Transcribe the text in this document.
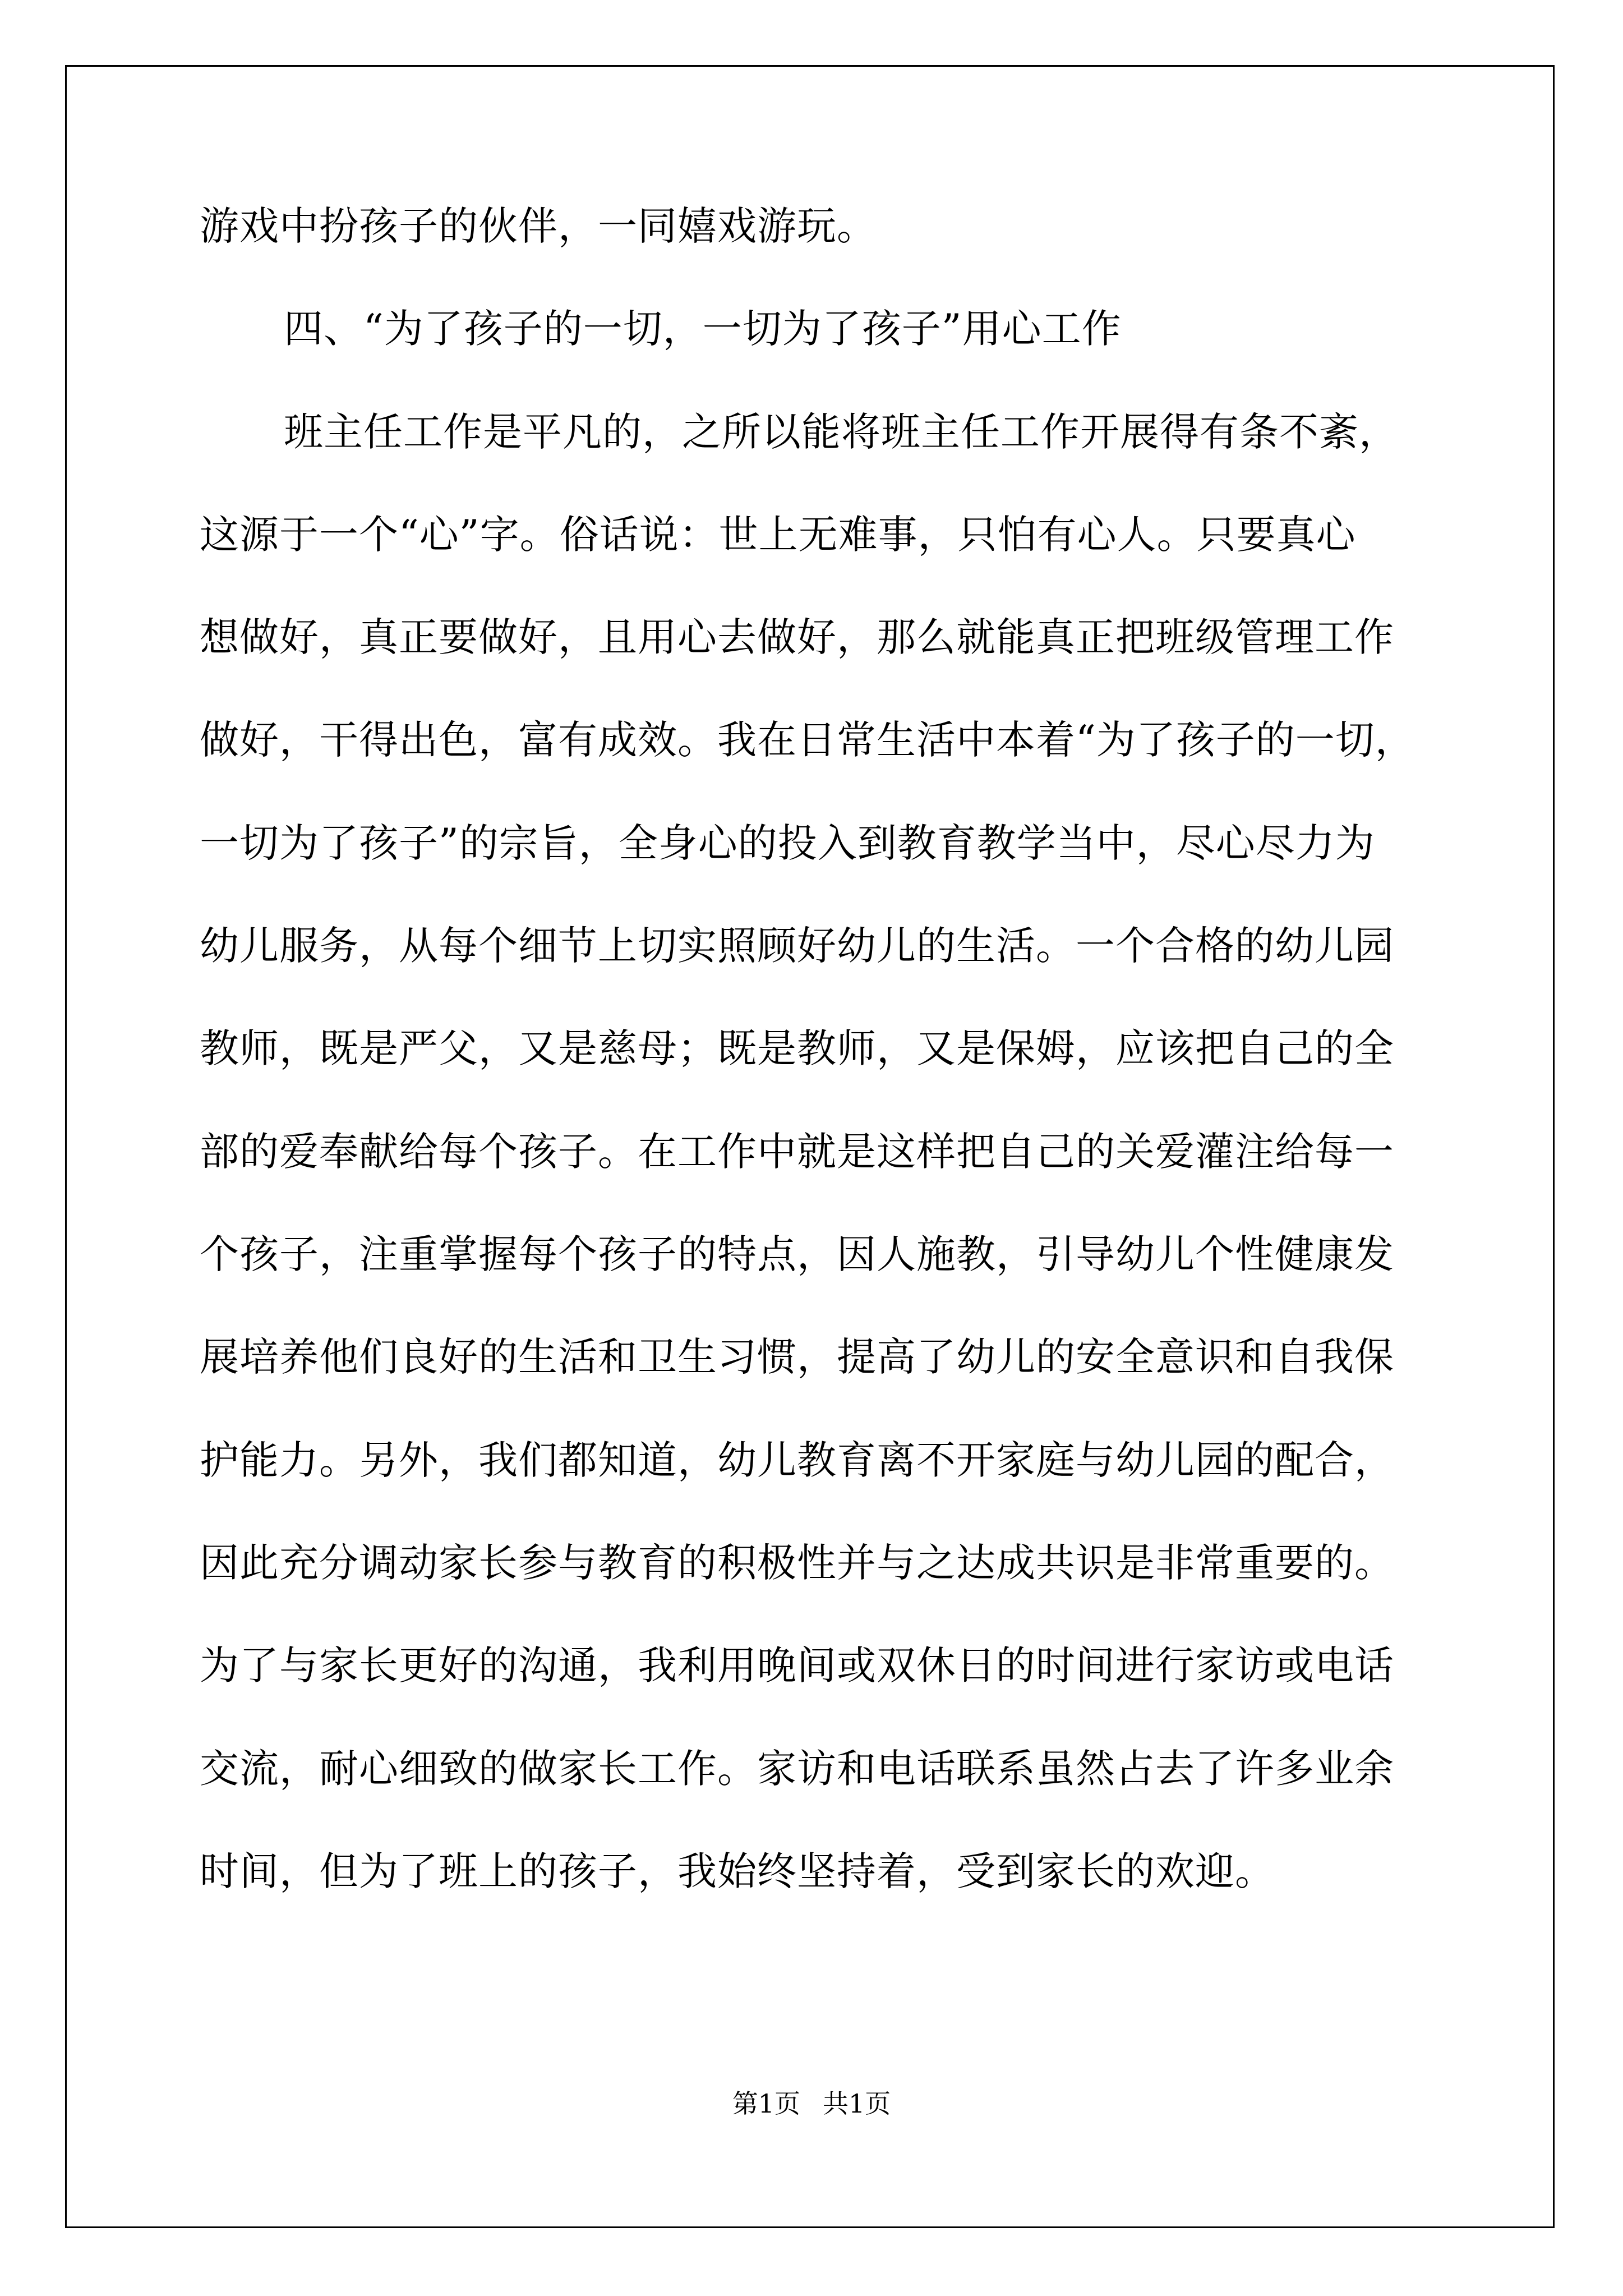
游戏中扮孩子的伙伴，一同嬉戏游玩。
四、“为了孩子的一切，一切为了孩子”用心工作
班主任工作是平凡的，之所以能将班主任工作开展得有条不紊，
这源于一个“心”字。俗话说：世上无难事，只怕有心人。只要真心
想做好，真正要做好，且用心去做好，那么就能真正把班级管理工作
做好，干得出色，富有成效。我在日常生活中本着“为了孩子的一切，
一切为了孩子”的宗旨，全身心的投入到教育教学当中，尽心尽力为
幼儿服务，从每个细节上切实照顾好幼儿的生活。一个合格的幼儿园
教师，既是严父，又是慈母；既是教师，又是保姆，应该把自己的全
部的爱奉献给每个孩子。在工作中就是这样把自己的关爱灌注给每一
个孩子，注重掌握每个孩子的特点，因人施教，引导幼儿个性健康发
展培养他们良好的生活和卫生习惯，提高了幼儿的安全意识和自我保
护能力。另外，我们都知道，幼儿教育离不开家庭与幼儿园的配合，
因此充分调动家长参与教育的积极性并与之达成共识是非常重要的。
为了与家长更好的沟通，我利用晚间或双休日的时间进行家访或电话
交流，耐心细致的做家长工作。家访和电话联系虽然占去了许多业余
时间，但为了班上的孩子，我始终坚持着，受到家长的欢迎。
第1页 共1页
